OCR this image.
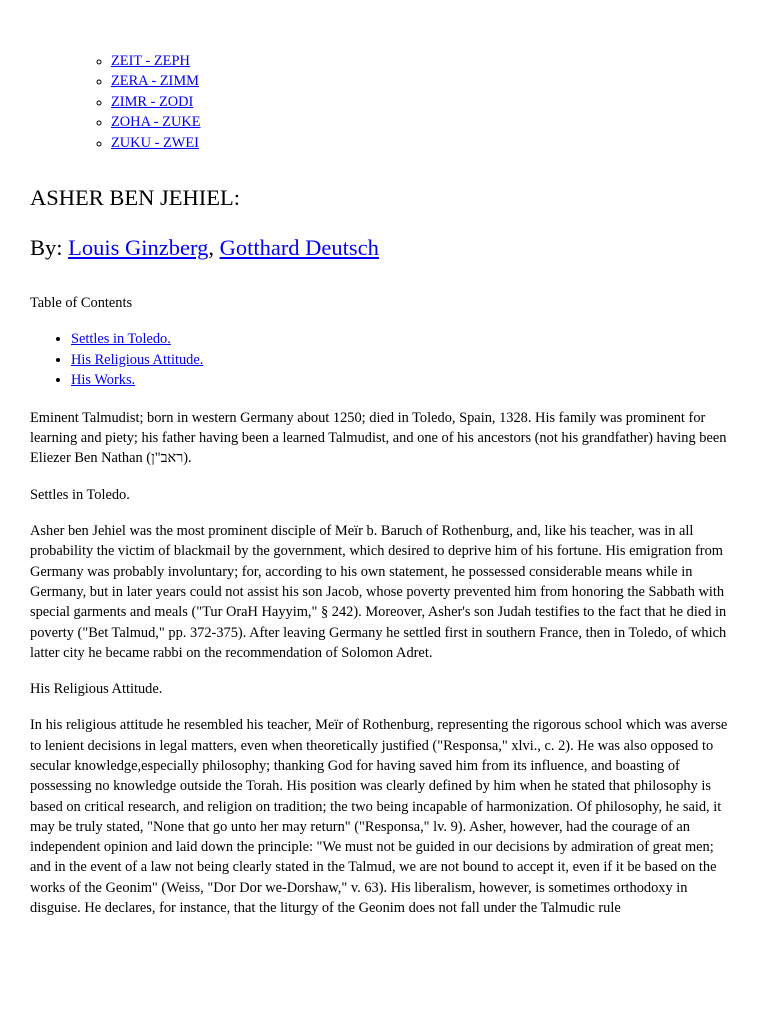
◦ ZEIT - ZEPH
◦ ZERA - ZIMM
◦ ZIMR - ZODI
◦ ZOHA - ZUKE
◦ ZUKU - ZWEI
ASHER BEN JEHIEL:
By: Louis Ginzberg, Gotthard Deutsch

Table of Contents

• Settles in Toledo.
• His Religious Attitude.
• His Works.

Eminent Talmudist; born in western Germany about 1250; died in Toledo, Spain, 1328. His family was prominent for learning and piety; his father having been a learned Talmudist, and one of his ancestors (not his grandfather) having been Eliezer Ben Nathan (ראב"ן).

Settles in Toledo.

Asher ben Jehiel was the most prominent disciple of Meïr b. Baruch of Rothenburg, and, like his teacher, was in all probability the victim of blackmail by the government, which desired to deprive him of his fortune. His emigration from Germany was probably involuntary; for, according to his own statement, he possessed considerable means while in Germany, but in later years could not assist his son Jacob, whose poverty prevented him from honoring the Sabbath with special garments and meals ("Tur OraH Hayyim," § 242). Moreover, Asher's son Judah testifies to the fact that he died in poverty ("Bet Talmud," pp. 372-375). After leaving Germany he settled first in southern France, then in Toledo, of which latter city he became rabbi on the recommendation of Solomon Adret.

His Religious Attitude.

In his religious attitude he resembled his teacher, Meïr of Rothenburg, representing the rigorous school which was averse to lenient decisions in legal matters, even when theoretically justified ("Responsa," xlvi., c. 2). He was also opposed to secular knowledge,especially philosophy; thanking God for having saved him from its influence, and boasting of possessing no knowledge outside the Torah. His position was clearly defined by him when he stated that philosophy is based on critical research, and religion on tradition; the two being incapable of harmonization. Of philosophy, he said, it may be truly stated, "None that go unto her may return" ("Responsa," lv. 9). Asher, however, had the courage of an independent opinion and laid down the principle: "We must not be guided in our decisions by admiration of great men; and in the event of a law not being clearly stated in the Talmud, we are not bound to accept it, even if it be based on the works of the Geonim" (Weiss, "Dor Dor we-Dorshaw," v. 63). His liberalism, however, is sometimes orthodoxy in disguise. He declares, for instance, that the liturgy of the Geonim does not fall under the Talmudic rule
